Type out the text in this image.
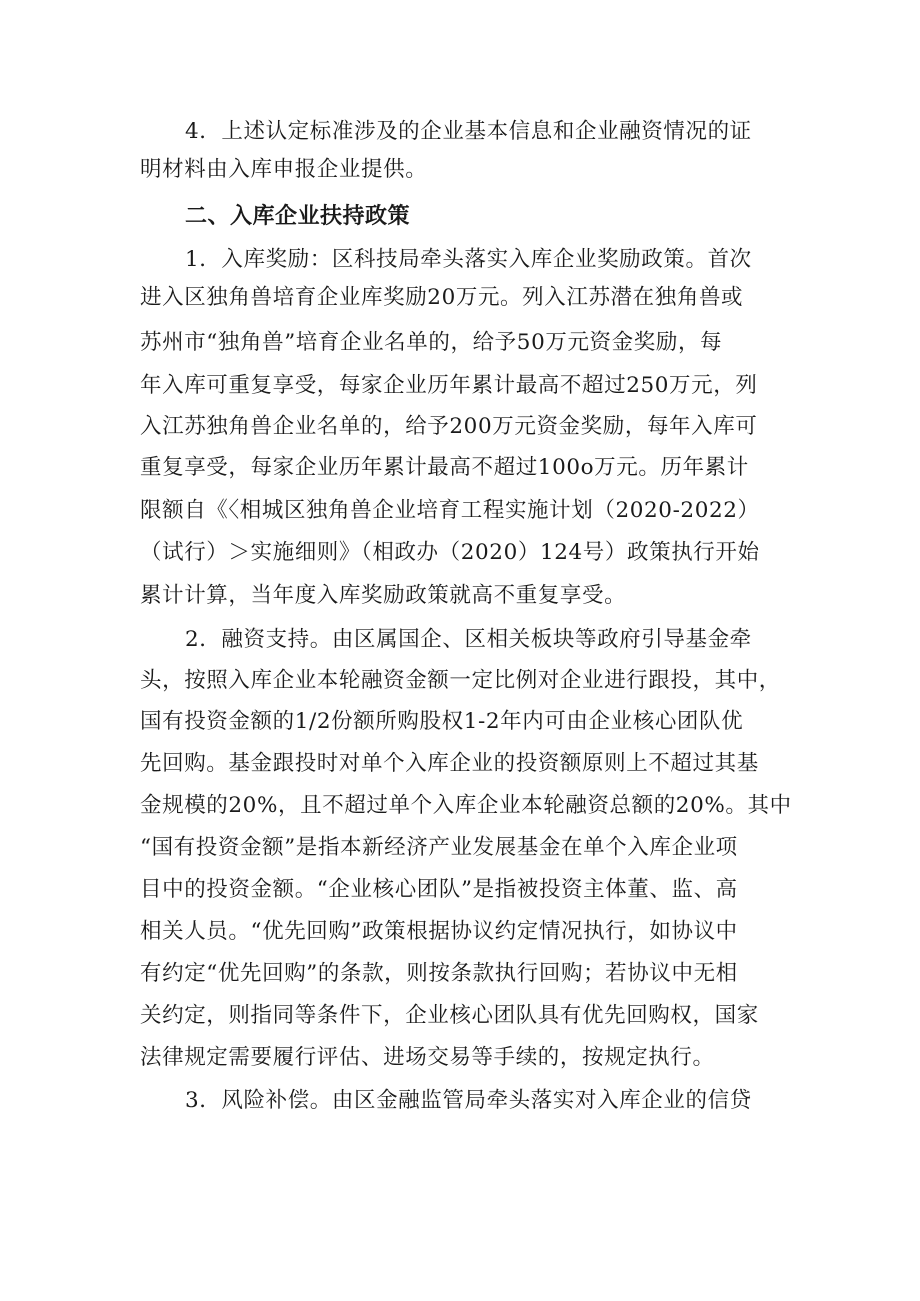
4．上述认定标准涉及的企业基本信息和企业融资情况的证
明材料由入库申报企业提供。
二、入库企业扶持政策
1．入库奖励：区科技局牵头落实入库企业奖励政策。首次
进入区独角兽培育企业库奖励20万元。列入江苏潜在独角兽或
苏州市“独角兽”培育企业名单的，给予50万元资金奖励，每
年入库可重复享受，每家企业历年累计最高不超过250万元，列
入江苏独角兽企业名单的，给予200万元资金奖励，每年入库可
重复享受，每家企业历年累计最高不超过100o万元。历年累计
限额自《〈相城区独角兽企业培育工程实施计划（2020-2022）
（试行）＞实施细则》（相政办（2020）124号）政策执行开始
累计计算，当年度入库奖励政策就高不重复享受。
2．融资支持。由区属国企、区相关板块等政府引导基金牵
头，按照入库企业本轮融资金额一定比例对企业进行跟投，其中，
国有投资金额的1/2份额所购股权1-2年内可由企业核心团队优
先回购。基金跟投时对单个入库企业的投资额原则上不超过其基
金规模的20%，且不超过单个入库企业本轮融资总额的20%。其中
“国有投资金额”是指本新经济产业发展基金在单个入库企业项
目中的投资金额。“企业核心团队”是指被投资主体董、监、高
相关人员。“优先回购”政策根据协议约定情况执行，如协议中
有约定“优先回购”的条款，则按条款执行回购；若协议中无相
关约定，则指同等条件下，企业核心团队具有优先回购权，国家
法律规定需要履行评估、进场交易等手续的，按规定执行。
3．风险补偿。由区金融监管局牵头落实对入库企业的信贷
